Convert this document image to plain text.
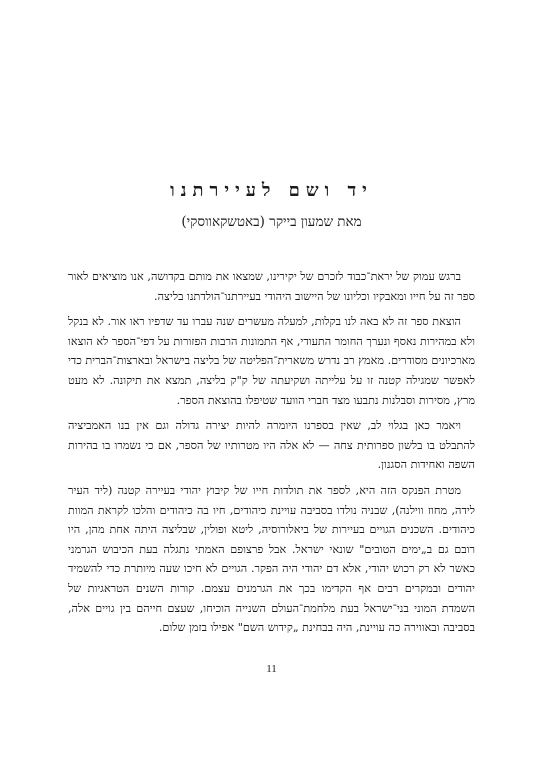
יד ושם לעיירתנו

מאת שמעון בייקר (באטשקאווסקי)

ברגש עמוק של יראת־כבוד לזכרם של יקירינו, שמצאו את מותם בקדושה, אנו מוציאים לאור ספר זה על חייו ומאבקיו וכליונו של היישוב היהודי בעיירתנו־הולדתנו בליצה.

הוצאת ספר זה לא באה לנו בקלות, למעלה מעשרים שנה עברו עד שדפיו ראו אור. לא בנקל ולא במהירות נאסף ונערך החומר התעודי, אף התמונות הרבות הפזורות על דפי־הספר לא הוצאו מארכיונים מסודרים. מאמץ רב נדרש משארית־הפליטה של בליצה בישראל ובארצות־הברית כדי לאפשר שמגילה קטנה זו על עלייתה ושקיעתה של ק"ק בליצה, תמצא את תיקונה. לא מעט מרץ, מסירות וסבלנות נתבעו מצד חברי הוועד שטיפלו בהוצאת הספר.

ויאמר כאן בגלוי לב, שאין בספרנו היומרה להיות יצירה גדולה וגם אין בנו האמביציה להתבלט בו בלשון ספרותית צחה — לא אלה היו מטרותיו של הספר, אם כי נשמרו בו בהירות השפה ואחידות הסגנון.

מטרת הפנקס הזה היא, לספר את תולדות חייו של קיבוץ יהודי בעיירה קטנה (ליד העיר לידה, מחוז ווילנה), שבניה נולדו בסביבה עויינת כיהודים, חיו בה כיהודים והלכו לקראת המוות כיהודים. השכנים הגויים בעיירות של ביאלורוסיה, ליטא ופולין, שבליצה היתה אחת מהן, היו רובם גם ב„ימים הטובים" שונאי ישראל. אבל פרצופם האמתי נתגלה בעת הכיבוש הגרמני כאשר לא רק רכוש יהודי, אלא דם יהודי היה הפקר. הגויים לא חיכו שעה מיותרת כדי להשמיד יהודים ובמקרים רבים אף הקדימו בכך את הגרמנים עצמם. קורות השנים הטראגיות של השמדת המוני בני־ישראל בעת מלחמת־העולם השנייה הוכיחו, שעצם חייהם בין גויים אלה, בסביבה ובאווירה כה עויינת, היה בבחינת „קידוש השם" אפילו בזמן שלום.

11
